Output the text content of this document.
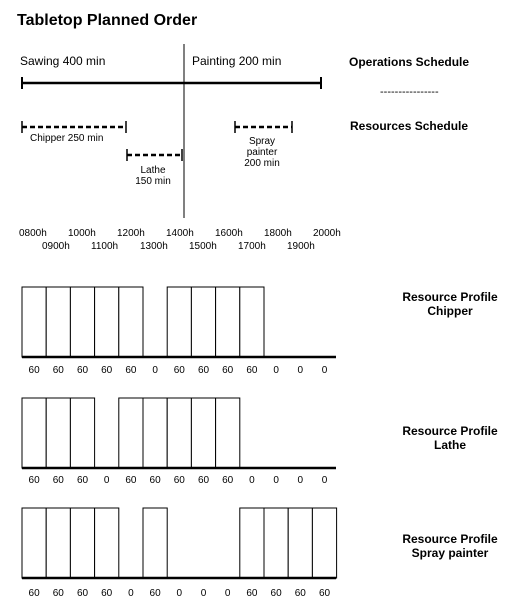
Tabletop Planned Order
Sawing 400 min	Painting 200 min	Operations Schedule
----------------
Resources Schedule
Chipper 250 min
Lathe
150 min
Spray
painter
200 min
0800h 1000h 1200h 1400h 1600h 1800h 2000h
0900h 1100h 1300h 1500h 1700h 1900h
Resource Profile
Chipper
Resource Profile
Lathe
Resource Profile
Spray painter
60 60 60 60 60 0 60 60 60 60 0 0 0
60 60 60 0 60 60 60 60 60 0 0 0 0
60 60 60 60 0 60 0 0 0 60 60 60 60
